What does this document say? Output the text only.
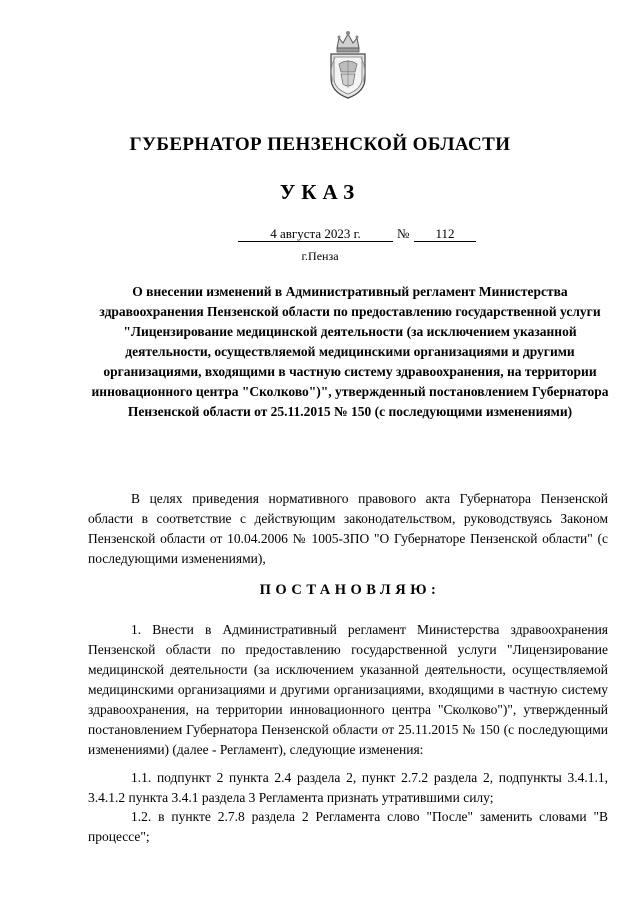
ГУБЕРНАТОР ПЕНЗЕНСКОЙ ОБЛАСТИ
УКАЗ
4 августа 2023 г.	№	112
г.Пенза

О внесении изменений в Административный регламент Министерства здравоохранения Пензенской области по предоставлению государственной услуги "Лицензирование медицинской деятельности (за исключением указанной деятельности, осуществляемой медицинскими организациями и другими организациями, входящими в частную систему здравоохранения, на территории инновационного центра "Сколково")", утвержденный постановлением Губернатора Пензенской области от 25.11.2015 № 150 (с последующими изменениями)

В целях приведения нормативного правового акта Губернатора Пензенской области в соответствие с действующим законодательством, руководствуясь Законом Пензенской области от 10.04.2006 № 1005-ЗПО "О Губернаторе Пензенской области" (с последующими изменениями),

ПОСТАНОВЛЯЮ:

1. Внести в Административный регламент Министерства здравоохранения Пензенской области по предоставлению государственной услуги "Лицензирование медицинской деятельности (за исключением указанной деятельности, осуществляемой медицинскими организациями и другими организациями, входящими в частную систему здравоохранения, на территории инновационного центра "Сколково")", утвержденный постановлением Губернатора Пензенской области от 25.11.2015 № 150 (с последующими изменениями) (далее - Регламент), следующие изменения:

1.1. подпункт 2 пункта 2.4 раздела 2, пункт 2.7.2 раздела 2, подпункты 3.4.1.1, 3.4.1.2 пункта 3.4.1 раздела 3 Регламента признать утратившими силу;

1.2. в пункте 2.7.8 раздела 2 Регламента слово "После" заменить словами "В процессе";
